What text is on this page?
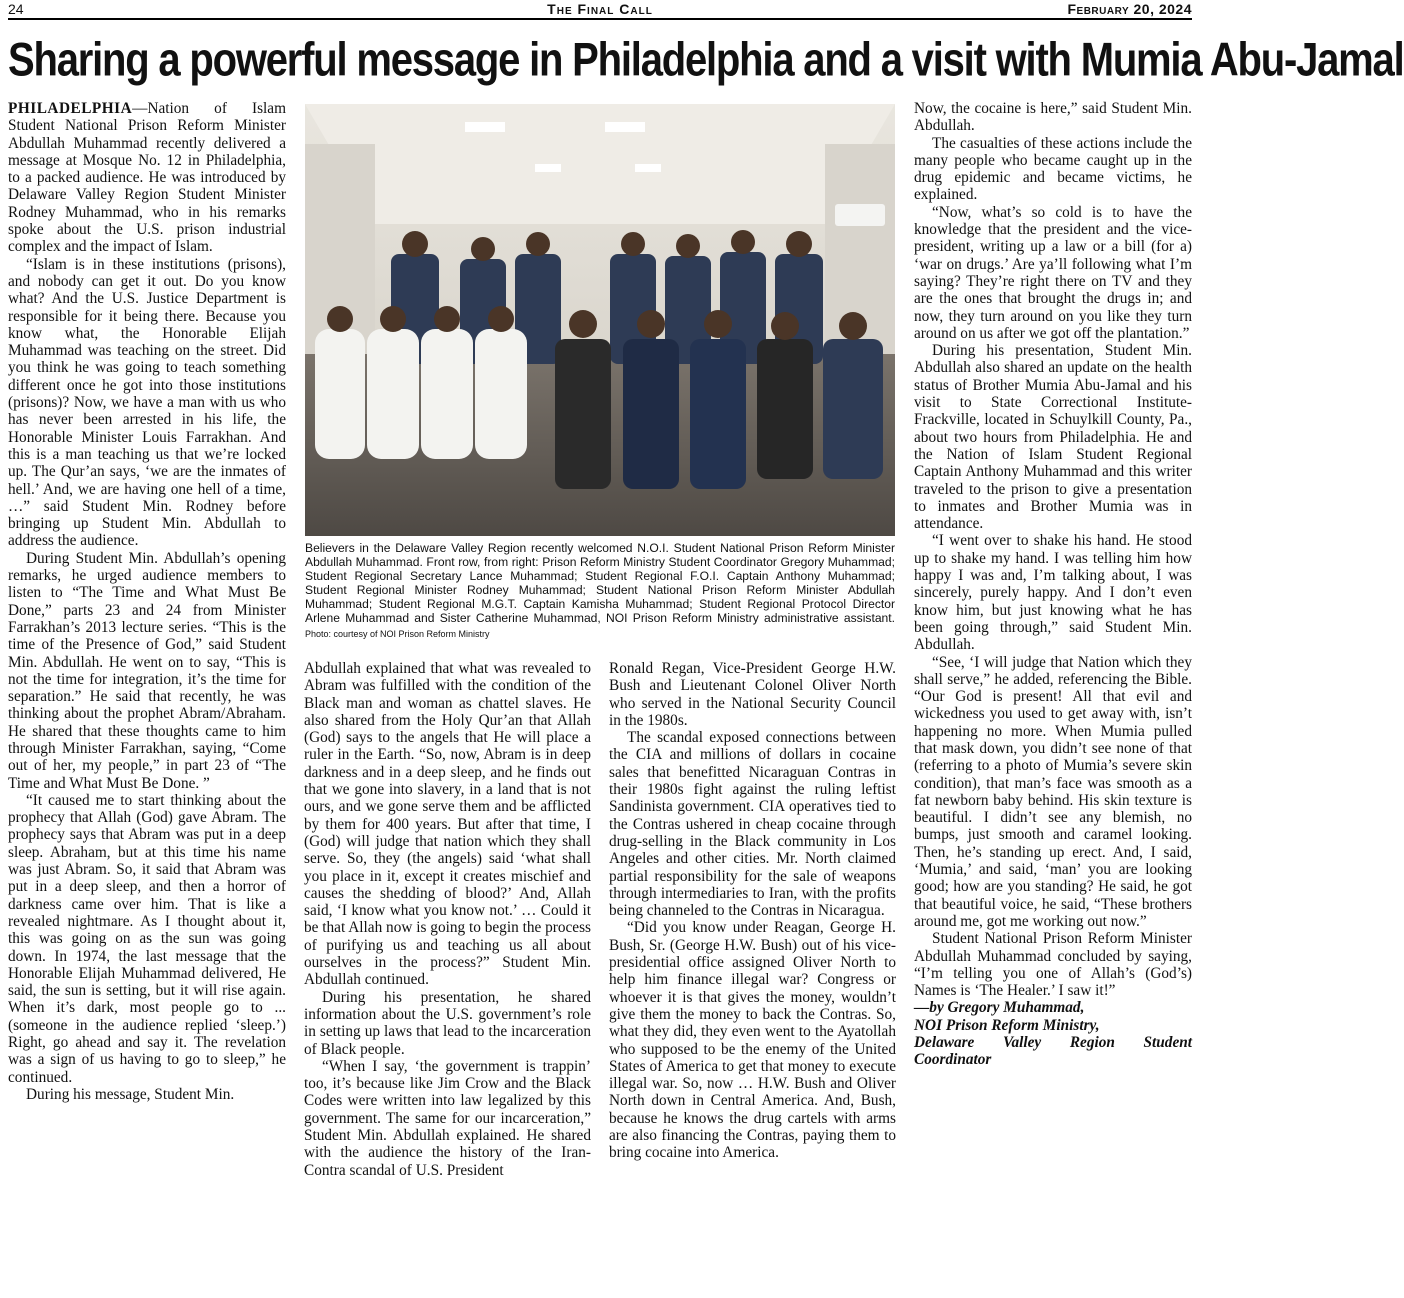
24	The Final Call	February 20, 2024
Sharing a powerful message in Philadelphia and a visit with Mumia Abu-Jamal

PHILADELPHIA—Nation of Islam Student National Prison Reform Minister Abdullah Muhammad recently delivered a message at Mosque No. 12 in Philadelphia, to a packed audience. He was introduced by Delaware Valley Region Student Minister Rodney Muhammad, who in his remarks spoke about the U.S. prison industrial complex and the impact of Islam.

“Islam is in these institutions (prisons), and nobody can get it out. Do you know what? And the U.S. Justice Department is responsible for it being there. Because you know what, the Honorable Elijah Muhammad was teaching on the street. Did you think he was going to teach something different once he got into those institutions (prisons)? Now, we have a man with us who has never been arrested in his life, the Honorable Minister Louis Farrakhan. And this is a man teaching us that we’re locked up. The Qur’an says, ‘we are the inmates of hell.’ And, we are having one hell of a time, …” said Student Min. Rodney before bringing up Student Min. Abdullah to address the audience.

During Student Min. Abdullah’s opening remarks, he urged audience members to listen to “The Time and What Must Be Done,” parts 23 and 24 from Minister Farrakhan’s 2013 lecture series. “This is the time of the Presence of God,” said Student Min. Abdullah. He went on to say, “This is not the time for integration, it’s the time for separation.” He said that recently, he was thinking about the prophet Abram/Abraham. He shared that these thoughts came to him through Minister Farrakhan, saying, “Come out of her, my people,” in part 23 of “The Time and What Must Be Done. ”

“It caused me to start thinking about the prophecy that Allah (God) gave Abram. The prophecy says that Abram was put in a deep sleep. Abraham, but at this time his name was just Abram. So, it said that Abram was put in a deep sleep, and then a horror of darkness came over him. That is like a revealed nightmare. As I thought about it, this was going on as the sun was going down. In 1974, the last message that the Honorable Elijah Muhammad delivered, He said, the sun is setting, but it will rise again. When it’s dark, most people go to ... (someone in the audience replied ‘sleep.’) Right, go ahead and say it. The revelation was a sign of us having to go to sleep,” he continued.

During his message, Student Min.

Believers in the Delaware Valley Region recently welcomed N.O.I. Student National Prison Reform Minister Abdullah Muhammad. Front row, from right: Prison Reform Ministry Student Coordinator Gregory Muhammad; Student Regional Secretary Lance Muhammad; Student Regional F.O.I. Captain Anthony Muhammad; Student Regional Minister Rodney Muhammad; Student National Prison Reform Minister Abdullah Muhammad; Student Regional M.G.T. Captain Kamisha Muhammad; Student Regional Protocol Director Arlene Muhammad and Sister Catherine Muhammad, NOI Prison Reform Ministry administrative assistant. Photo: courtesy of NOI Prison Reform Ministry

Abdullah explained that what was revealed to Abram was fulfilled with the condition of the Black man and woman as chattel slaves. He also shared from the Holy Qur’an that Allah (God) says to the angels that He will place a ruler in the Earth. “So, now, Abram is in deep darkness and in a deep sleep, and he finds out that we gone into slavery, in a land that is not ours, and we gone serve them and be afflicted by them for 400 years. But after that time, I (God) will judge that nation which they shall serve. So, they (the angels) said ‘what shall you place in it, except it creates mischief and causes the shedding of blood?’ And, Allah said, ‘I know what you know not.’ … Could it be that Allah now is going to begin the process of purifying us and teaching us all about ourselves in the process?” Student Min. Abdullah continued.

During his presentation, he shared information about the U.S. government’s role in setting up laws that lead to the incarceration of Black people.

“When I say, ‘the government is trappin’ too, it’s because like Jim Crow and the Black Codes were written into law legalized by this government. The same for our incarceration,” Student Min. Abdullah explained. He shared with the audience the history of the Iran-Contra scandal of U.S. President

Ronald Regan, Vice-President George H.W. Bush and Lieutenant Colonel Oliver North who served in the National Security Council in the 1980s.

The scandal exposed connections between the CIA and millions of dollars in cocaine sales that benefitted Nicaraguan Contras in their 1980s fight against the ruling leftist Sandinista government. CIA operatives tied to the Contras ushered in cheap cocaine through drug-selling in the Black community in Los Angeles and other cities. Mr. North claimed partial responsibility for the sale of weapons through intermediaries to Iran, with the profits being channeled to the Contras in Nicaragua.

“Did you know under Reagan, George H. Bush, Sr. (George H.W. Bush) out of his vice-presidential office assigned Oliver North to help him finance illegal war? Congress or whoever it is that gives the money, wouldn’t give them the money to back the Contras. So, what they did, they even went to the Ayatollah who supposed to be the enemy of the United States of America to get that money to execute illegal war. So, now … H.W. Bush and Oliver North down in Central America. And, Bush, because he knows the drug cartels with arms are also financing the Contras, paying them to bring cocaine into America.

Now, the cocaine is here,” said Student Min. Abdullah.

The casualties of these actions include the many people who became caught up in the drug epidemic and became victims, he explained.

“Now, what’s so cold is to have the knowledge that the president and the vice-president, writing up a law or a bill (for a) ‘war on drugs.’ Are ya’ll following what I’m saying? They’re right there on TV and they are the ones that brought the drugs in; and now, they turn around on you like they turn around on us after we got off the plantation.”

During his presentation, Student Min. Abdullah also shared an update on the health status of Brother Mumia Abu-Jamal and his visit to State Correctional Institute-Frackville, located in Schuylkill County, Pa., about two hours from Philadelphia. He and the Nation of Islam Student Regional Captain Anthony Muhammad and this writer traveled to the prison to give a presentation to inmates and Brother Mumia was in attendance.

“I went over to shake his hand. He stood up to shake my hand. I was telling him how happy I was and, I’m talking about, I was sincerely, purely happy. And I don’t even know him, but just knowing what he has been going through,” said Student Min. Abdullah.

“See, ‘I will judge that Nation which they shall serve,” he added, referencing the Bible. “Our God is present! All that evil and wickedness you used to get away with, isn’t happening no more. When Mumia pulled that mask down, you didn’t see none of that (referring to a photo of Mumia’s severe skin condition), that man’s face was smooth as a fat newborn baby behind. His skin texture is beautiful. I didn’t see any blemish, no bumps, just smooth and caramel looking. Then, he’s standing up erect. And, I said, ‘Mumia,’ and said, ‘man’ you are looking good; how are you standing? He said, he got that beautiful voice, he said, “These brothers around me, got me working out now.”

Student National Prison Reform Minister Abdullah Muhammad concluded by saying, “I’m telling you one of Allah’s (God’s) Names is ‘The Healer.’ I saw it!”

—by Gregory Muhammad,

NOI Prison Reform Ministry,

Delaware Valley Region Student Coordinator
